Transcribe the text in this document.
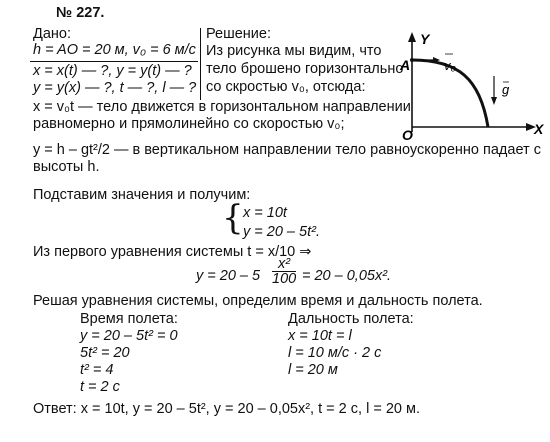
№ 227.
Дано:
h = AO = 20 м, v₀ = 6 м/с
x = x(t) — ?, y = y(t) — ?
y = y(x) — ?, t — ?, l — ?
Решение:
Из рисунка мы видим, что
тело брошено горизонтально
со скростью v₀, отсюда:
Y
A	v₀
g
O	X
x = v₀t — тело движется в горизонтальном направлении
равномерно и прямолинейно со скоростью v₀;
y = h – gt²/2 — в вертикальном направлении тело равноускоренно падает с
высоты h.
Подставим значения и получим:
{ x = 10t
y = 20 – 5t².
Из первого уравнения системы t = x/10 ⇒
$y = 20 - 5 \frac{\text{x²}}{100} = 20 - 0,05x^2$.
Решая уравнения системы, определим время и дальность полета.
Время полета:
y = 20 – 5t² = 0
5t² = 20
t² = 4
t = 2 с
Дальность полета:
x = 10t = l
l = 10 м/с · 2 с
l = 20 м
Ответ: x = 10t, y = 20 – 5t², y = 20 – 0,05x², t = 2 с, l = 20 м.
